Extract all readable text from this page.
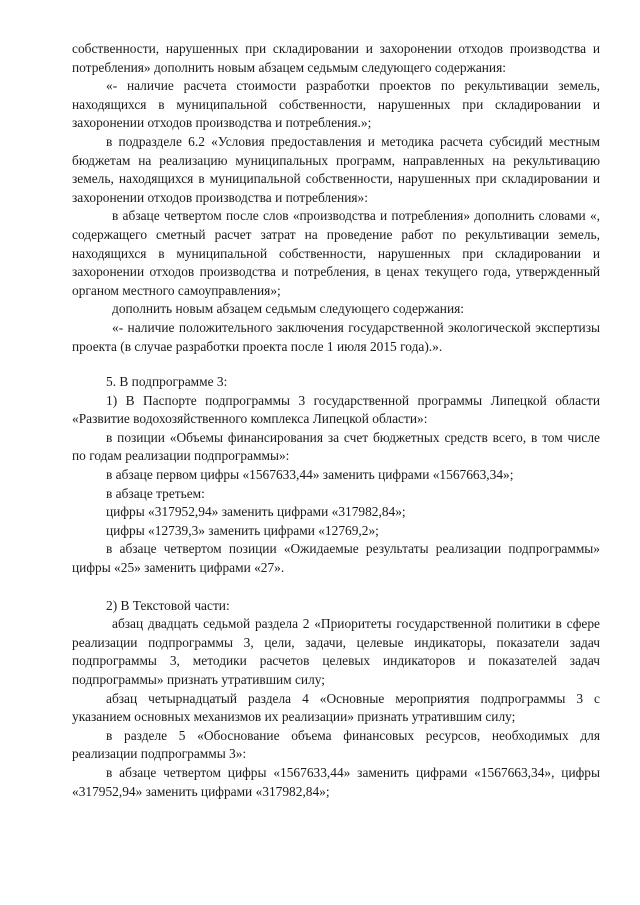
собственности, нарушенных при складировании и захоронении отходов производства и потребления» дополнить новым абзацем седьмым следующего содержания:

«- наличие расчета стоимости разработки проектов по рекультивации земель, находящихся в муниципальной собственности, нарушенных при складировании и захоронении отходов производства и потребления.»;

в подразделе 6.2 «Условия предоставления и методика расчета субсидий местным бюджетам на реализацию муниципальных программ, направленных на рекультивацию земель, находящихся в муниципальной собственности, нарушенных при складировании и захоронении отходов производства и потребления»:

в абзаце четвертом после слов «производства и потребления» дополнить словами «, содержащего сметный расчет затрат на проведение работ по рекультивации земель, находящихся в муниципальной собственности, нарушенных при складировании и захоронении отходов производства и потребления, в ценах текущего года, утвержденный органом местного самоуправления»;

дополнить новым абзацем седьмым следующего содержания:

«- наличие положительного заключения государственной экологической экспертизы проекта (в случае разработки проекта после 1 июля 2015 года).».

5. В подпрограмме 3:

1) В Паспорте подпрограммы 3 государственной программы Липецкой области «Развитие водохозяйственного комплекса Липецкой области»:

в позиции «Объемы финансирования за счет бюджетных средств всего, в том числе по годам реализации подпрограммы»:

в абзаце первом цифры «1567633,44» заменить цифрами «1567663,34»;

в абзаце третьем:

цифры «317952,94» заменить цифрами «317982,84»;

цифры «12739,3» заменить цифрами «12769,2»;

в абзаце четвертом позиции «Ожидаемые результаты реализации подпрограммы» цифры «25» заменить цифрами «27».

2) В Текстовой части:

абзац двадцать седьмой раздела 2 «Приоритеты государственной политики в сфере реализации подпрограммы 3, цели, задачи, целевые индикаторы, показатели задач подпрограммы 3, методики расчетов целевых индикаторов и показателей задач подпрограммы» признать утратившим силу;

абзац четырнадцатый раздела 4 «Основные мероприятия подпрограммы 3 с указанием основных механизмов их реализации» признать утратившим силу;

в разделе 5 «Обоснование объема финансовых ресурсов, необходимых для реализации подпрограммы 3»:

в абзаце четвертом цифры «1567633,44» заменить цифрами «1567663,34», цифры «317952,94» заменить цифрами «317982,84»;
